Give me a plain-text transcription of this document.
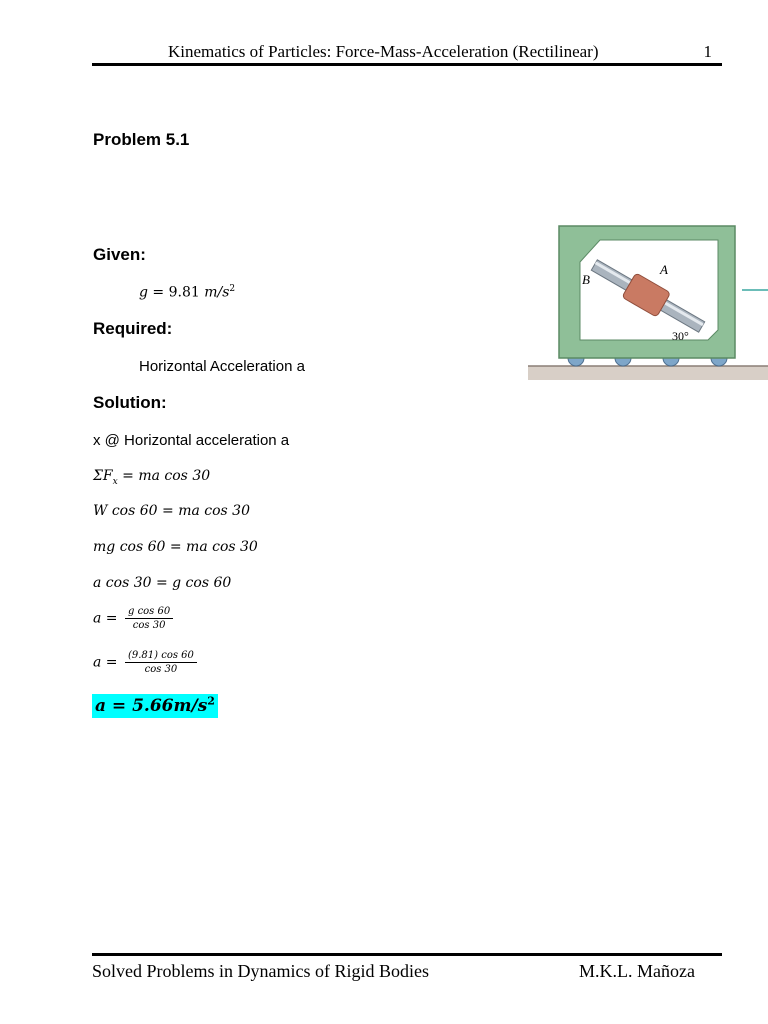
Kinematics of Particles: Force-Mass-Acceleration (Rectilinear)	1
Problem 5.1
Given:
g = 9.81 $m/s^2$
Required:
Horizontal Acceleration a
Solution:
x @ Horizontal acceleration a
$\Sigma F_x$ = ma cos 30
W cos 60 = ma cos 30
mg cos 60 = ma cos 30
a cos 30 = g cos 60
$a = \frac{\text{g cos 60}}{\cos 30}$
$a = \frac{(9.81) \cos 60}{\cos 30}$
$a = 5.66m/s^2$
A
B
30°
Solved Problems in Dynamics of Rigid Bodies	M.K.L. Mañoza
